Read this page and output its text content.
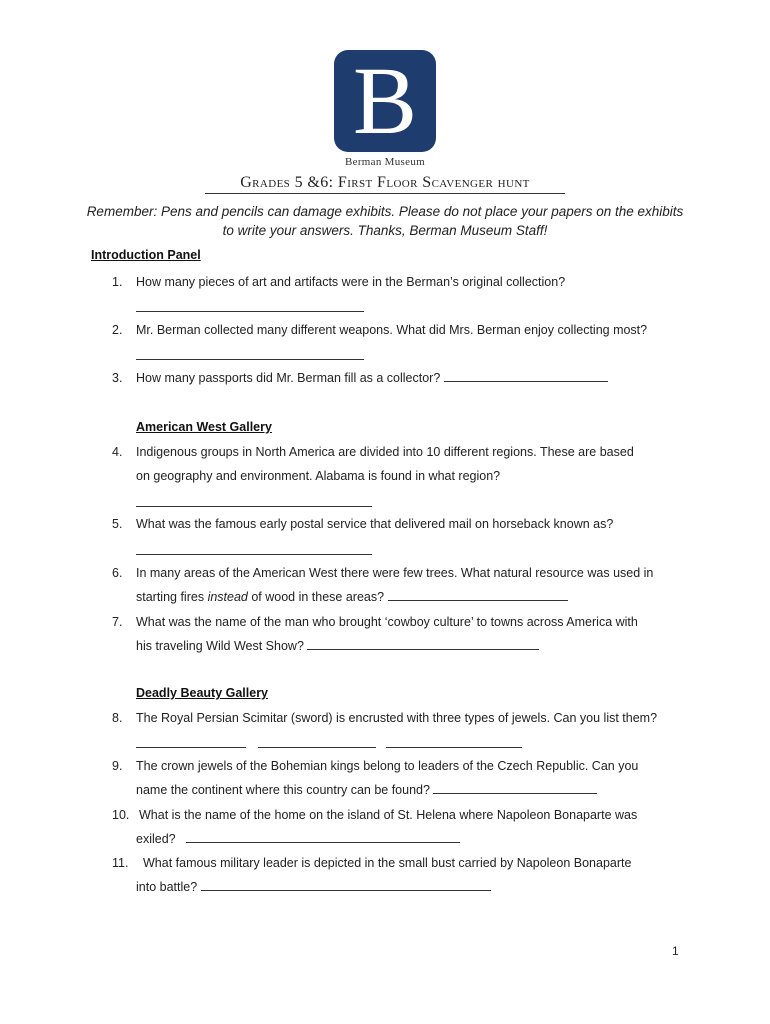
B
Berman Museum
Grades 5 &6: First Floor Scavenger hunt
Remember: Pens and pencils can damage exhibits. Please do not place your papers on the exhibits to write your answers. Thanks, Berman Museum Staff!
Introduction Panel
1. How many pieces of art and artifacts were in the Berman’s original collection?
2. Mr. Berman collected many different weapons. What did Mrs. Berman enjoy collecting most?
3. How many passports did Mr. Berman fill as a collector?
American West Gallery
4. Indigenous groups in North America are divided into 10 different regions. These are based
on geography and environment. Alabama is found in what region?
5. What was the famous early postal service that delivered mail on horseback known as?
6. In many areas of the American West there were few trees. What natural resource was used in
starting fires instead of wood in these areas?
7. What was the name of the man who brought ‘cowboy culture’ to towns across America with
his traveling Wild West Show?
Deadly Beauty Gallery
8. The Royal Persian Scimitar (sword) is encrusted with three types of jewels. Can you list them?
9. The crown jewels of the Bohemian kings belong to leaders of the Czech Republic. Can you
name the continent where this country can be found?
10. What is the name of the home on the island of St. Helena where Napoleon Bonaparte was
exiled?
11. What famous military leader is depicted in the small bust carried by Napoleon Bonaparte
into battle?
1
